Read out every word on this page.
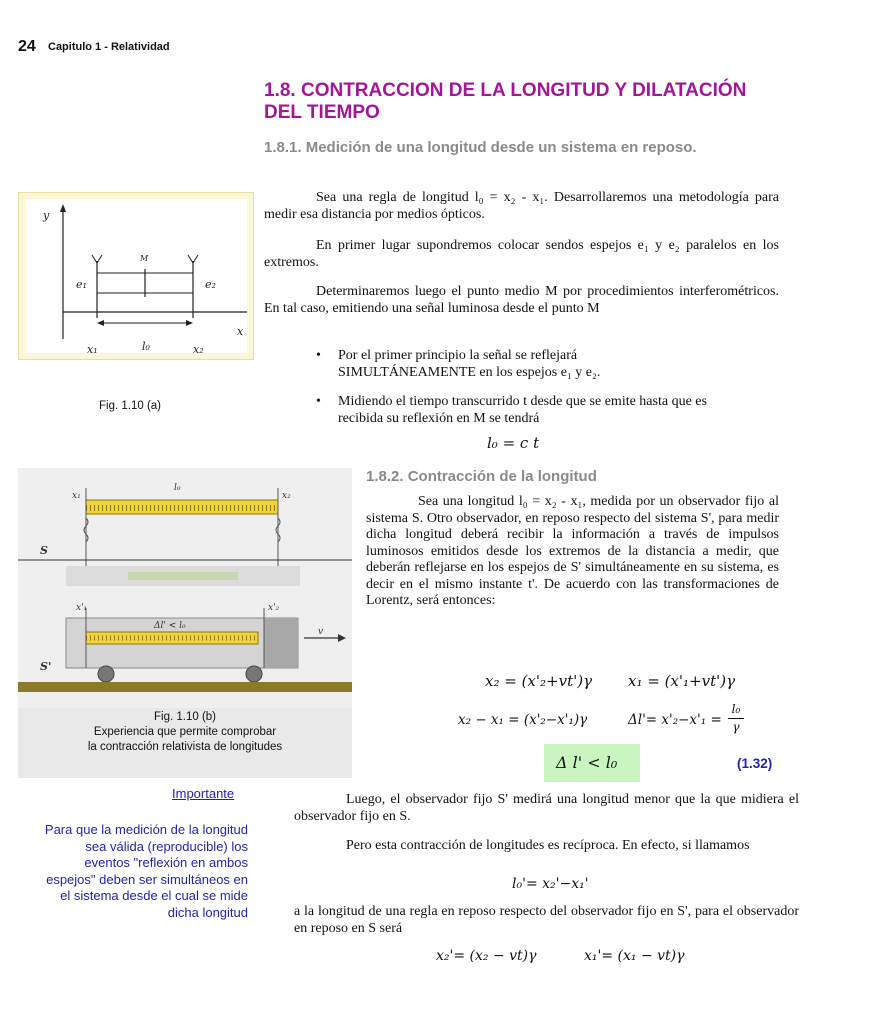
24 Capitulo 1 - Relatividad
1.8. CONTRACCION DE LA LONGITUD Y DILATACIÓN DEL TIEMPO
1.8.1. Medición de una longitud desde un sistema en reposo.
y
x
M
e₁	e₂
x₁	l₀	x₂
Fig. 1.10 (a)
Sea una regla de longitud l₀ = x₂ - x₁. Desarrollaremos una metodología para medir esa distancia por medios ópticos.
En primer lugar supondremos colocar sendos espejos e₁ y e₂ paralelos en los extremos.
Determinaremos luego el punto medio M por procedimientos interferométricos. En tal caso, emitiendo una señal luminosa desde el punto M
• Por el primer principio la señal se reflejará SIMULTÁNEAMENTE en los espejos e₁ y e₂.
• Midiendo el tiempo transcurrido t desde que se emite hasta que es recibida su reflexión en M se tendrá
l₀ = c t
x₁
l₀
x₂
S
x'₁	x'₂
Δl' < l₀
v
S'
Fig. 1.10 (b)
Experiencia que permite comprobar
la contracción relativista de longitudes
1.8.2. Contracción de la longitud
Sea una longitud l₀ = x₂ - x₁, medida por un observador fijo al sistema S. Otro observador, en reposo respecto del sistema S', para medir dicha longitud deberá recibir la información a través de impulsos luminosos emitidos desde los extremos de la distancia a medir, que deberán reflejarse en los espejos de S' simultáneamente en su sistema, es decir en el mismo instante t'. De acuerdo con las transformaciones de Lorentz, será entonces:
x₂ = (x'₂+vt')γ x₁ = (x'₁+vt')γ
x₂ − x₁ = (x'₂−x'₁)γ	$\Delta l'= x'_2-x'_1 = \frac{\text{l₀}}{\gamma}$
Δ l' < l₀	(1.32)
Importante
Para que la medición de la longitud sea válida (reproducible) los eventos "reflexión en ambos espejos" deben ser simultáneos en el sistema desde el cual se mide dicha longitud
Luego, el observador fijo S' medirá una longitud menor que la que midiera el observador fijo en S.
Pero esta contracción de longitudes es recíproca. En efecto, si llamamos
l₀'= x₂'−x₁'
a la longitud de una regla en reposo respecto del observador fijo en S', para el observador en reposo en S será
x₂'= (x₂ − vt)γ	x₁'= (x₁ − vt)γ
